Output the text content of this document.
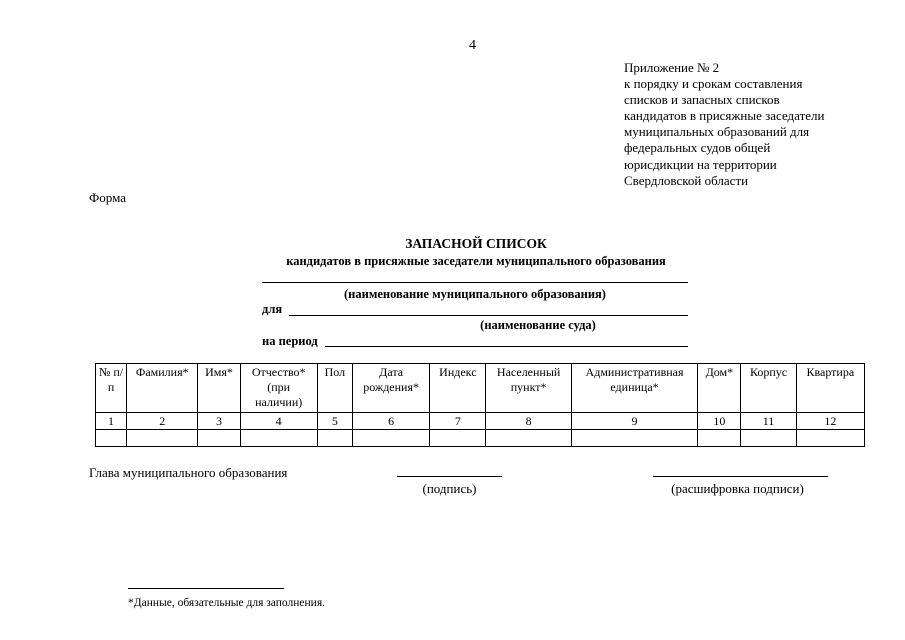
4
Приложение № 2
к порядку и срокам составления
списков и запасных списков
кандидатов в присяжные заседатели
муниципальных образований для
федеральных судов общей
юрисдикции на территории
Свердловской области
Форма
ЗАПАСНОЙ СПИСОК
кандидатов в присяжные заседатели муниципального образования
(наименование муниципального образования)
для
(наименование суда)
на период
№ п/п	Фамилия*	Имя*	Отчество* (при наличии)	Пол	Дата рождения*	Индекс	Населенный пункт*	Административная единица*	Дом*	Корпус	Квартира
1	2	3	4	5	6	7	8	9	10	11	12

Глава муниципального образования
(подпись)	(расшифровка подписи)
*Данные, обязательные для заполнения.
